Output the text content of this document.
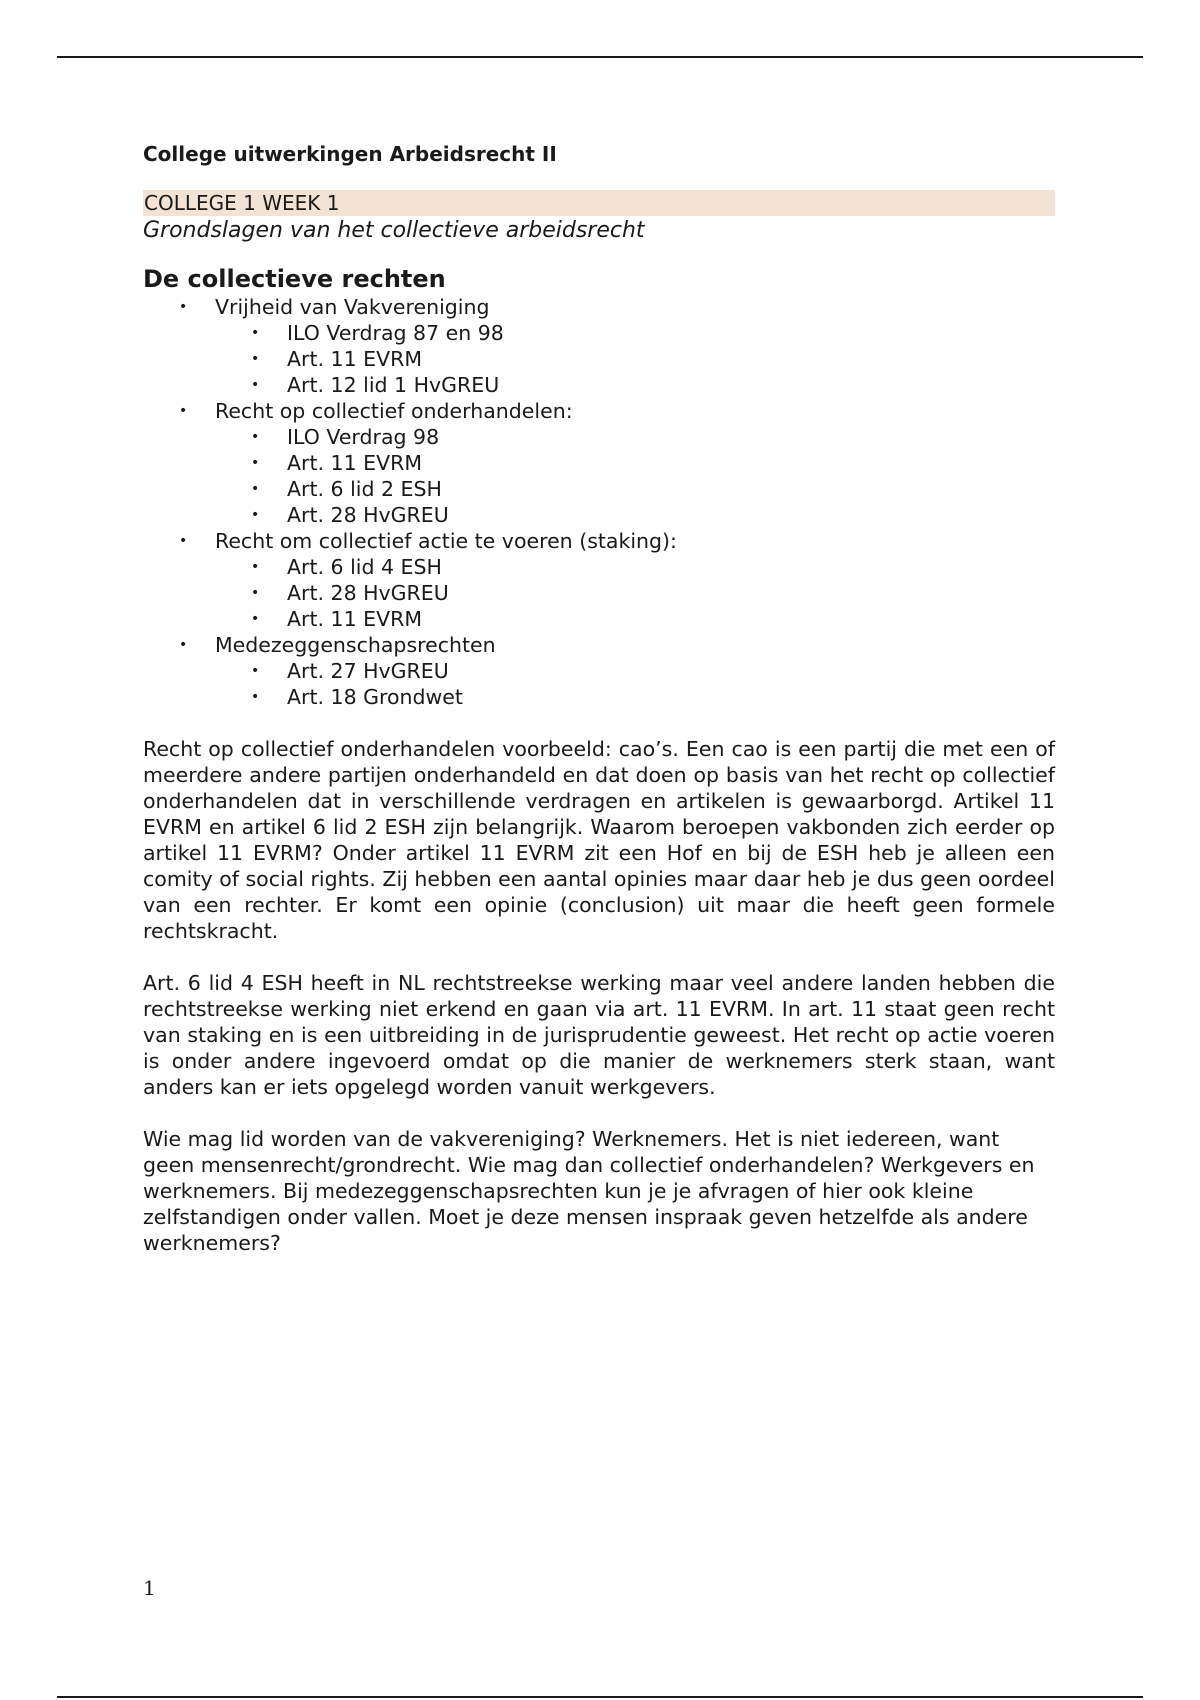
College uitwerkingen Arbeidsrecht II
COLLEGE 1 WEEK 1
Grondslagen van het collectieve arbeidsrecht
De collectieve rechten
• Vrijheid van Vakvereniging
• ILO Verdrag 87 en 98
• Art. 11 EVRM
• Art. 12 lid 1 HvGREU
• Recht op collectief onderhandelen:
• ILO Verdrag 98
• Art. 11 EVRM
• Art. 6 lid 2 ESH
• Art. 28 HvGREU
• Recht om collectief actie te voeren (staking):
• Art. 6 lid 4 ESH
• Art. 28 HvGREU
• Art. 11 EVRM
• Medezeggenschapsrechten
• Art. 27 HvGREU
• Art. 18 Grondwet

Recht op collectief onderhandelen voorbeeld: cao’s. Een cao is een partij die met een of meerdere andere partijen onderhandeld en dat doen op basis van het recht op collectief onderhandelen dat in verschillende verdragen en artikelen is gewaarborgd. Artikel 11 EVRM en artikel 6 lid 2 ESH zijn belangrijk. Waarom beroepen vakbonden zich eerder op artikel 11 EVRM? Onder artikel 11 EVRM zit een Hof en bij de ESH heb je alleen een comity of social rights. Zij hebben een aantal opinies maar daar heb je dus geen oordeel van een rechter. Er komt een opinie (conclusion) uit maar die heeft geen formele rechtskracht.

Art. 6 lid 4 ESH heeft in NL rechtstreekse werking maar veel andere landen hebben die rechtstreekse werking niet erkend en gaan via art. 11 EVRM. In art. 11 staat geen recht van staking en is een uitbreiding in de jurisprudentie geweest. Het recht op actie voeren is onder andere ingevoerd omdat op die manier de werknemers sterk staan, want anders kan er iets opgelegd worden vanuit werkgevers.

Wie mag lid worden van de vakvereniging? Werknemers. Het is niet iedereen, want geen mensenrecht/grondrecht. Wie mag dan collectief onderhandelen? Werkgevers en werknemers. Bij medezeggenschapsrechten kun je je afvragen of hier ook kleine zelfstandigen onder vallen. Moet je deze mensen inspraak geven hetzelfde als andere werknemers?

1
